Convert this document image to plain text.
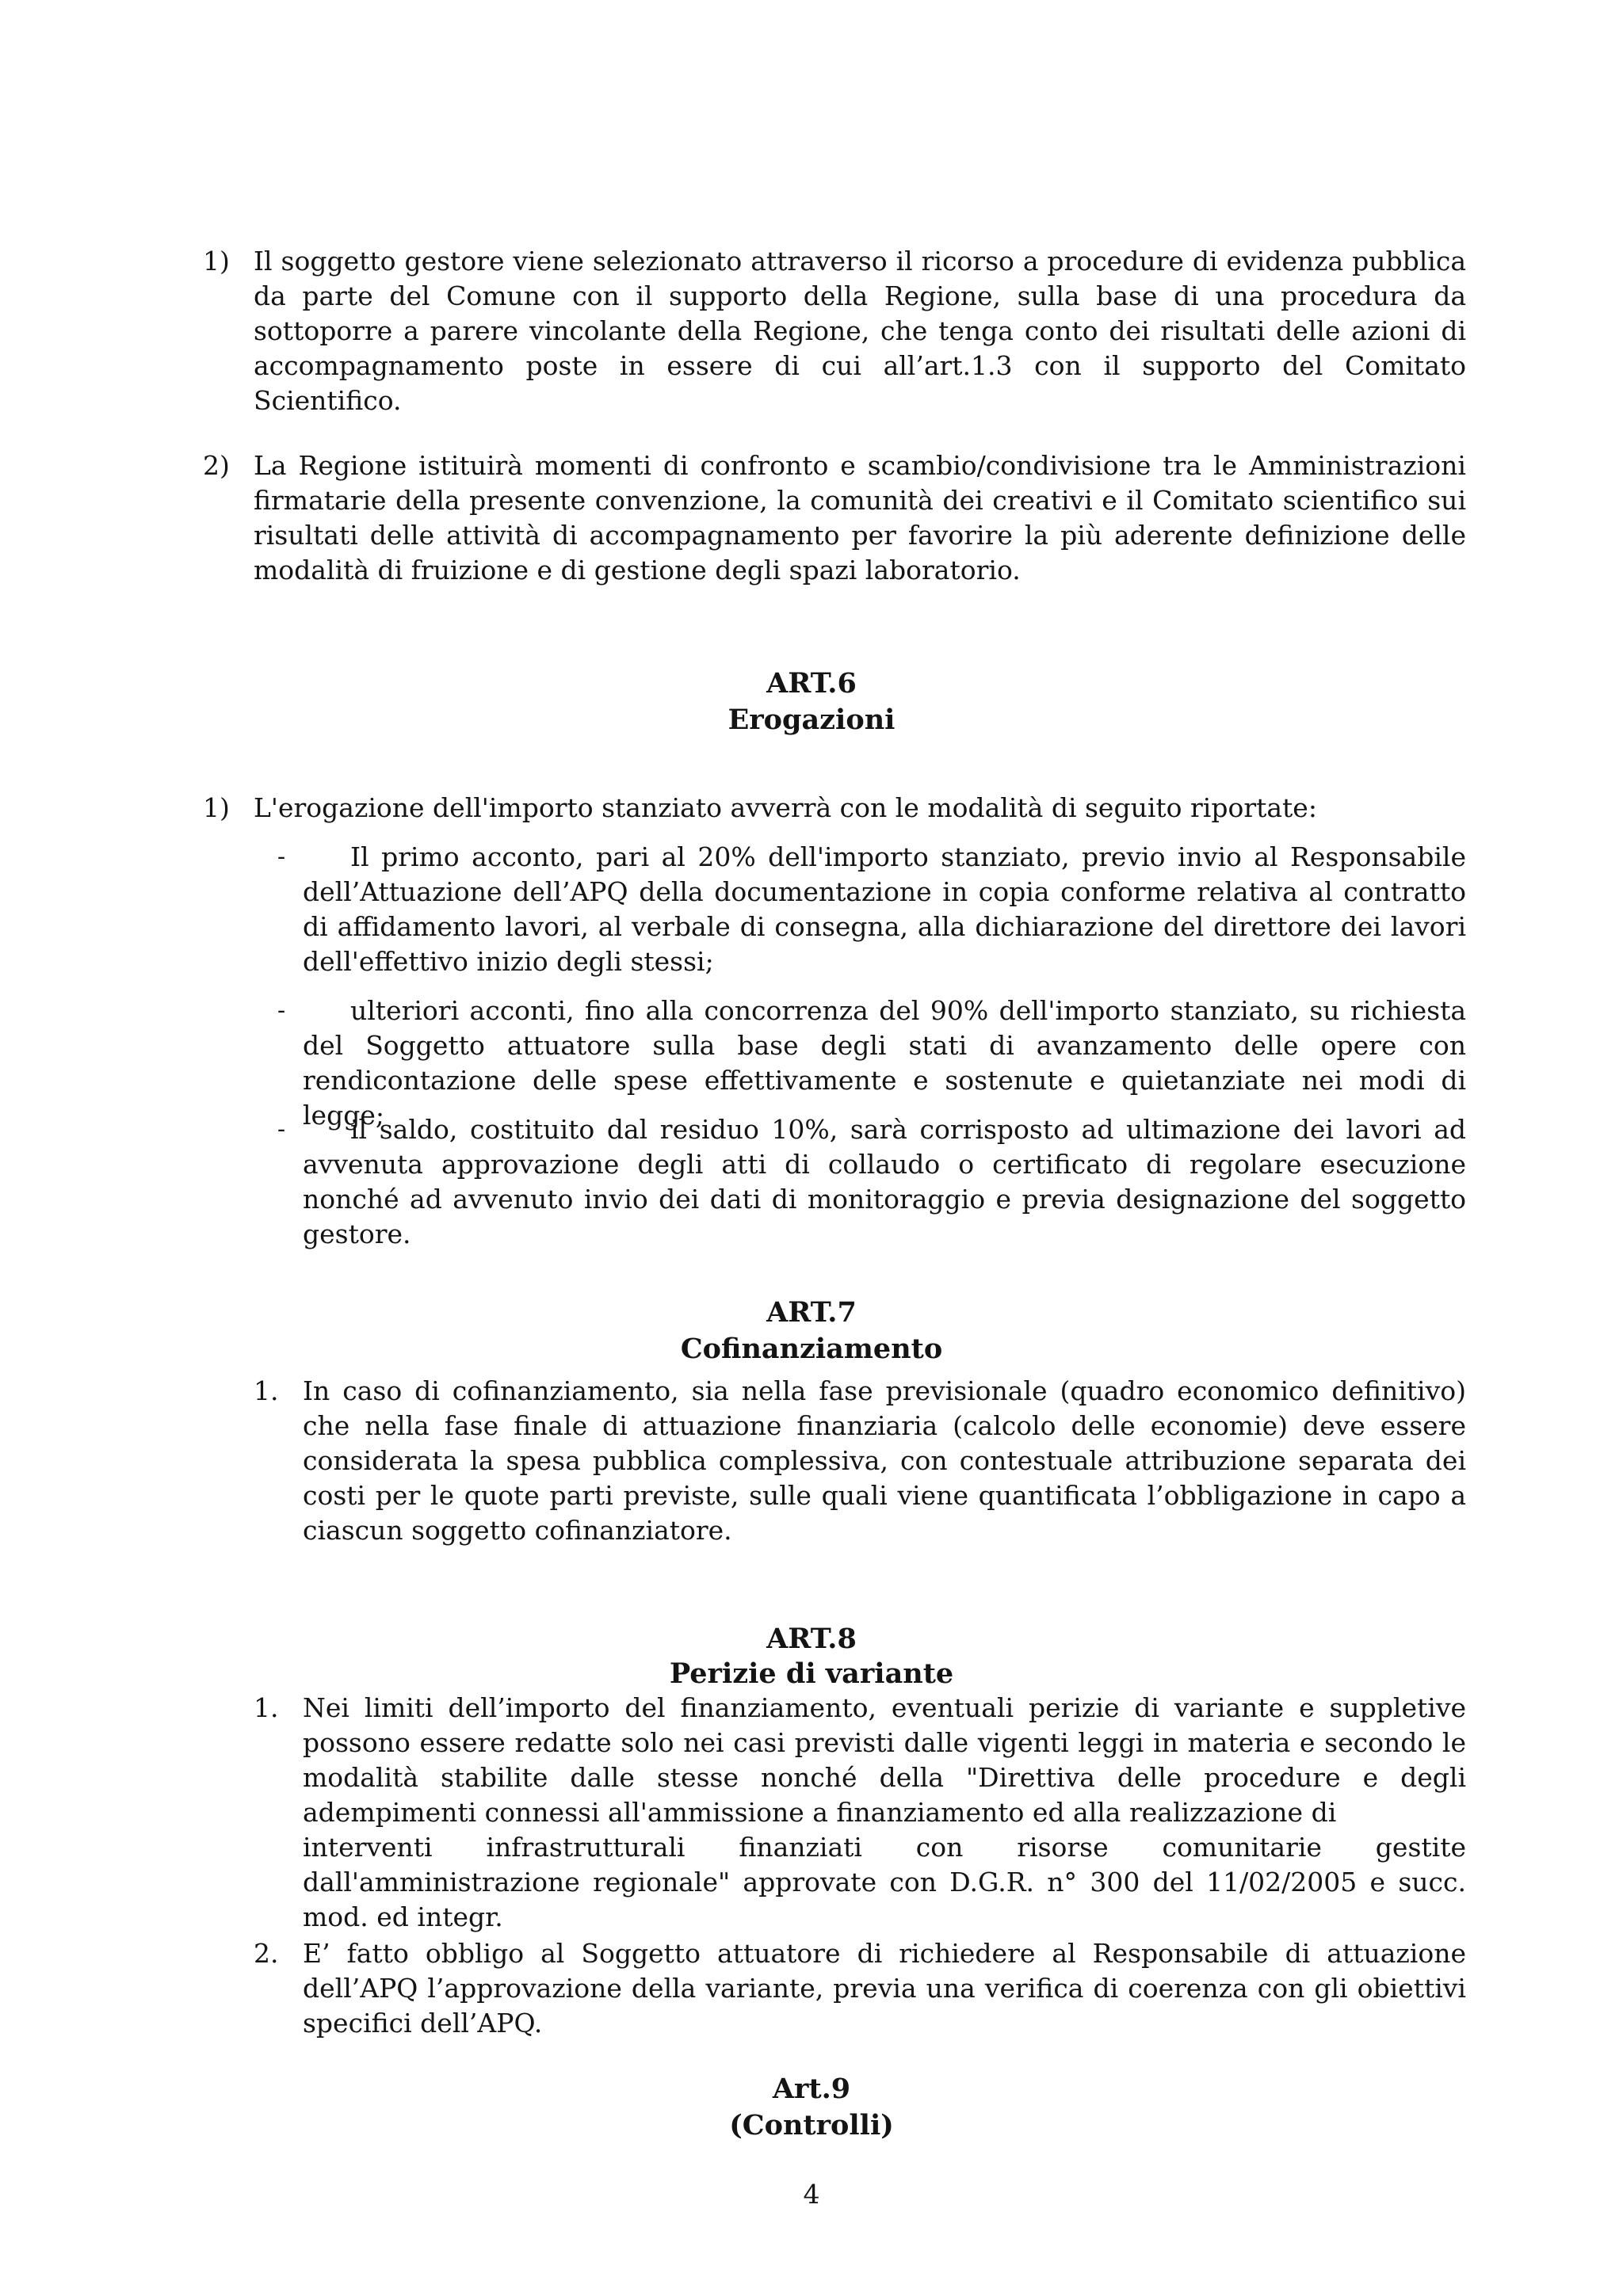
1) Il soggetto gestore viene selezionato attraverso il ricorso a procedure di evidenza pubblica da parte del Comune con il supporto della Regione, sulla base di una procedura da sottoporre a parere vincolante della Regione, che tenga conto dei risultati delle azioni di accompagnamento poste in essere di cui all’art.1.3 con il supporto del Comitato Scientifico.
2) La Regione istituirà momenti di confronto e scambio/condivisione tra le Amministrazioni firmatarie della presente convenzione, la comunità dei creativi e il Comitato scientifico sui risultati delle attività di accompagnamento per favorire la più aderente definizione delle modalità di fruizione e di gestione degli spazi laboratorio.
ART.6
Erogazioni
1) L'erogazione dell'importo stanziato avverrà con le modalità di seguito riportate:
-	Il primo acconto, pari al 20% dell'importo stanziato, previo invio al Responsabile dell’Attuazione dell’APQ della documentazione in copia conforme relativa al contratto di affidamento lavori, al verbale di consegna, alla dichiarazione del direttore dei lavori dell'effettivo inizio degli stessi;
-	ulteriori acconti, fino alla concorrenza del 90% dell'importo stanziato, su richiesta del Soggetto attuatore sulla base degli stati di avanzamento delle opere con rendicontazione delle spese effettivamente e sostenute e quietanziate nei modi di legge;
-	il saldo, costituito dal residuo 10%, sarà corrisposto ad ultimazione dei lavori ad avvenuta approvazione degli atti di collaudo o certificato di regolare esecuzione nonché ad avvenuto invio dei dati di monitoraggio e previa designazione del soggetto gestore.
ART.7
Cofinanziamento
1. In caso di cofinanziamento, sia nella fase previsionale (quadro economico definitivo) che nella fase finale di attuazione finanziaria (calcolo delle economie) deve essere considerata la spesa pubblica complessiva, con contestuale attribuzione separata dei costi per le quote parti previste, sulle quali viene quantificata l’obbligazione in capo a ciascun soggetto cofinanziatore.
ART.8
Perizie di variante
1. Nei limiti dell’importo del finanziamento, eventuali perizie di variante e suppletive possono essere redatte solo nei casi previsti dalle vigenti leggi in materia e secondo le modalità stabilite dalle stesse nonché della "Direttiva delle procedure e degli adempimenti connessi all'ammissione a finanziamento ed alla realizzazione di
interventi infrastrutturali finanziati con risorse comunitarie gestite
dall'amministrazione regionale" approvate con D.G.R. n° 300 del 11/02/2005 e succ. mod. ed integr.
2. E’ fatto obbligo al Soggetto attuatore di richiedere al Responsabile di attuazione dell’APQ l’approvazione della variante, previa una verifica di coerenza con gli obiettivi specifici dell’APQ.
Art.9
(Controlli)
4
